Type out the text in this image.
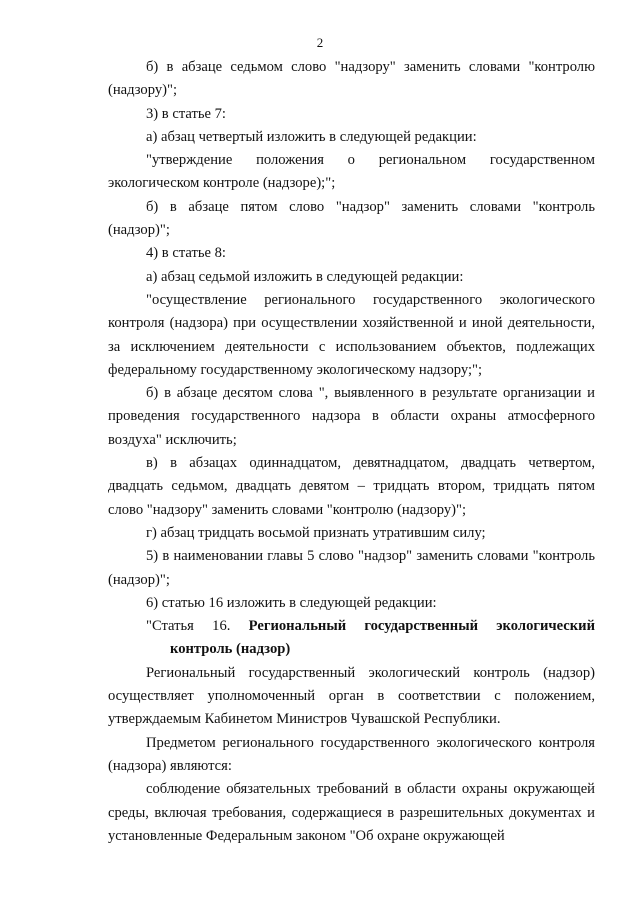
2

б) в абзаце седьмом слово "надзору" заменить словами "контролю (надзору)";

3) в статье 7:

а) абзац четвертый изложить в следующей редакции:

"утверждение положения о региональном государственном экологическом контроле (надзоре);";

б) в абзаце пятом слово "надзор" заменить словами "контроль (надзор)";

4) в статье 8:

а) абзац седьмой изложить в следующей редакции:

"осуществление регионального государственного экологического контроля (надзора) при осуществлении хозяйственной и иной деятельности, за исключением деятельности с использованием объектов, подлежащих федеральному государственному экологическому надзору;";

б) в абзаце десятом слова ", выявленного в результате организации и проведения государственного надзора в области охраны атмосферного воздуха" исключить;

в) в абзацах одиннадцатом, девятнадцатом, двадцать четвертом, двадцать седьмом, двадцать девятом – тридцать втором, тридцать пятом слово "надзору" заменить словами "контролю (надзору)";

г) абзац тридцать восьмой признать утратившим силу;

5) в наименовании главы 5 слово "надзор" заменить словами "контроль (надзор)";

6) статью 16 изложить в следующей редакции:

"Статья 16. Региональный государственный экологический контроль (надзор)

Региональный государственный экологический контроль (надзор) осуществляет уполномоченный орган в соответствии с положением, утверждаемым Кабинетом Министров Чувашской Республики.

Предметом регионального государственного экологического контроля (надзора) являются:

соблюдение обязательных требований в области охраны окружающей среды, включая требования, содержащиеся в разрешительных документах и установленные Федеральным законом "Об охране окружающей
